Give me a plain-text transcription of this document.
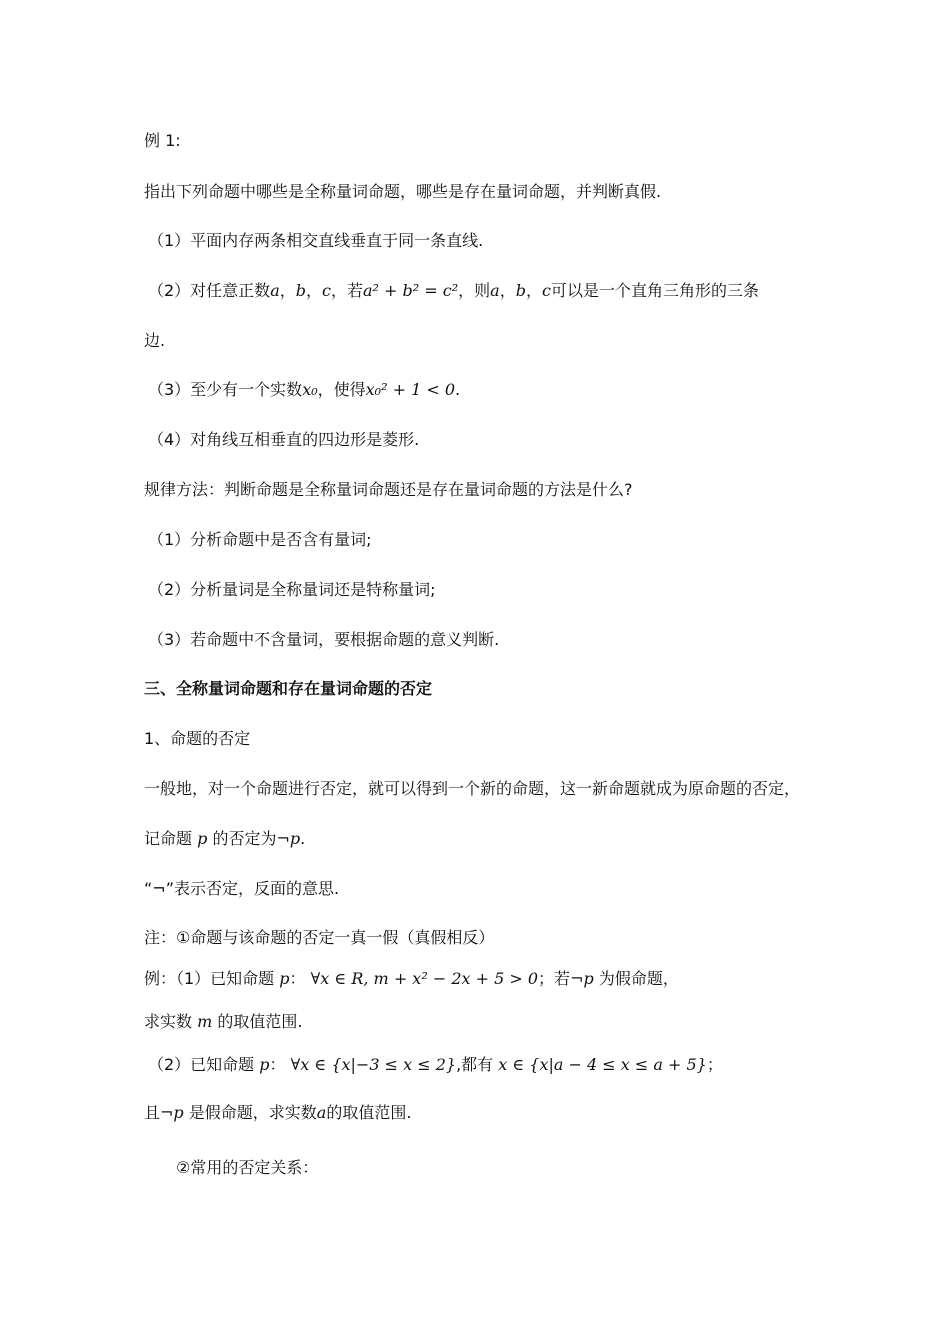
例 1:
指出下列命题中哪些是全称量词命题，哪些是存在量词命题，并判断真假.
（1）平面内存两条相交直线垂直于同一条直线.
（2）对任意正数a，b，c，若a² + b² = c²，则a，b，c可以是一个直角三角形的三条
边.
（3）至少有一个实数x₀，使得x₀² + 1 < 0.
（4）对角线互相垂直的四边形是菱形.
规律方法：判断命题是全称量词命题还是存在量词命题的方法是什么?
（1）分析命题中是否含有量词;
（2）分析量词是全称量词还是特称量词;
（3）若命题中不含量词，要根据命题的意义判断.
三、全称量词命题和存在量词命题的否定
1、命题的否定
一般地，对一个命题进行否定，就可以得到一个新的命题，这一新命题就成为原命题的否定，
记命题 p 的否定为¬p.
“¬”表示否定，反面的意思.
注：①命题与该命题的否定一真一假（真假相反）
例：（1）已知命题 p： ∀x ∈ R, m + x² − 2x + 5 > 0；若¬p 为假命题，
求实数 m 的取值范围.
（2）已知命题 p： ∀x ∈ {x|−3 ≤ x ≤ 2},都有 x ∈ {x|a − 4 ≤ x ≤ a + 5}；
且¬p 是假命题，求实数a的取值范围.
②常用的否定关系：
